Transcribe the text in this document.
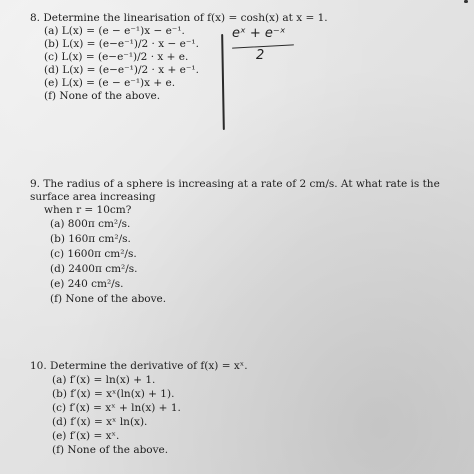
8. Determine the linearisation of f(x) = cosh(x) at x = 1.
(a) L(x) = (e − e⁻¹)x − e⁻¹.
(b) L(x) = (e−e⁻¹)/2 · x − e⁻¹.
(c) L(x) = (e−e⁻¹)/2 · x + e.
(d) L(x) = (e−e⁻¹)/2 · x + e⁻¹.
(e) L(x) = (e − e⁻¹)x + e.
(f) None of the above.
eˣ + e⁻ˣ
2
9. The radius of a sphere is increasing at a rate of 2 cm/s. At what rate is the surface area increasing
when r = 10cm?
(a) 800π cm²/s.
(b) 160π cm²/s.
(c) 1600π cm²/s.
(d) 2400π cm²/s.
(e) 240 cm²/s.
(f) None of the above.
10. Determine the derivative of f(x) = xˣ.
(a) f′(x) = ln(x) + 1.
(b) f′(x) = xˣ(ln(x) + 1).
(c) f′(x) = xˣ + ln(x) + 1.
(d) f′(x) = xˣ ln(x).
(e) f′(x) = xˣ.
(f) None of the above.
